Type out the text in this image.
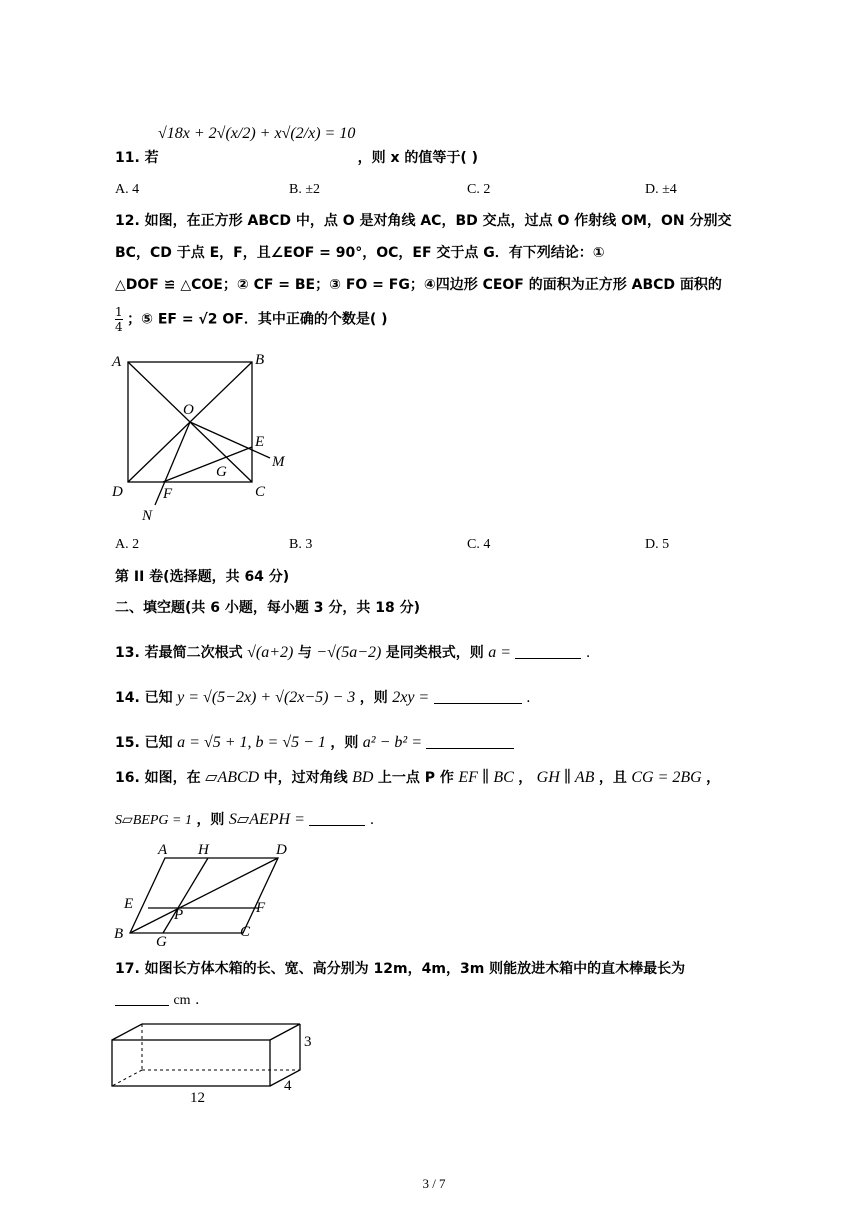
√18x + 2√(x/2) + x√(2/x) = 10
11. 若	，则 x 的值等于( )
A. 4	B. ±2	C. 2	D. ±4
12. 如图，在正方形 ABCD 中，点 O 是对角线 AC，BD 交点，过点 O 作射线 OM，ON 分别交
BC，CD 于点 E，F，且∠EOF = 90°，OC，EF 交于点 G．有下列结论：①
△DOF ≌ △COE；② CF = BE；③ FO = FG；④四边形 CEOF 的面积为正方形 ABCD 面积的
$\frac{1}{4}$ ；⑤ EF = √2 OF．其中正确的个数是( )
A	B
C
D
O
E
M
G
F
N
A. 2	B. 3	C. 4	D. 5
第 II 卷(选择题，共 64 分)
二、填空题(共 6 小题，每小题 3 分，共 18 分)
13. 若最简二次根式 √(a+2) 与 −√(5a−2) 是同类根式，则 a =	.
14. 已知 y = √(5−2x) + √(2x−5) − 3 ，则 2xy =	.
15. 已知 a = √5 + 1, b = √5 − 1 ，则 a² − b² =
16. 如图，在 ▱ABCD 中，过对角线 BD 上一点 P 作 EF ∥ BC ， GH ∥ AB ，且 CG = 2BG ，
S▱BEPG = 1 ，则 S▱AEPH =	.
A H	D
E
P	F
B G
C
17. 如图长方体木箱的长、宽、高分别为 12m，4m，3m 则能放进木箱中的直木棒最长为
cm .
3
4
12
3 / 7
